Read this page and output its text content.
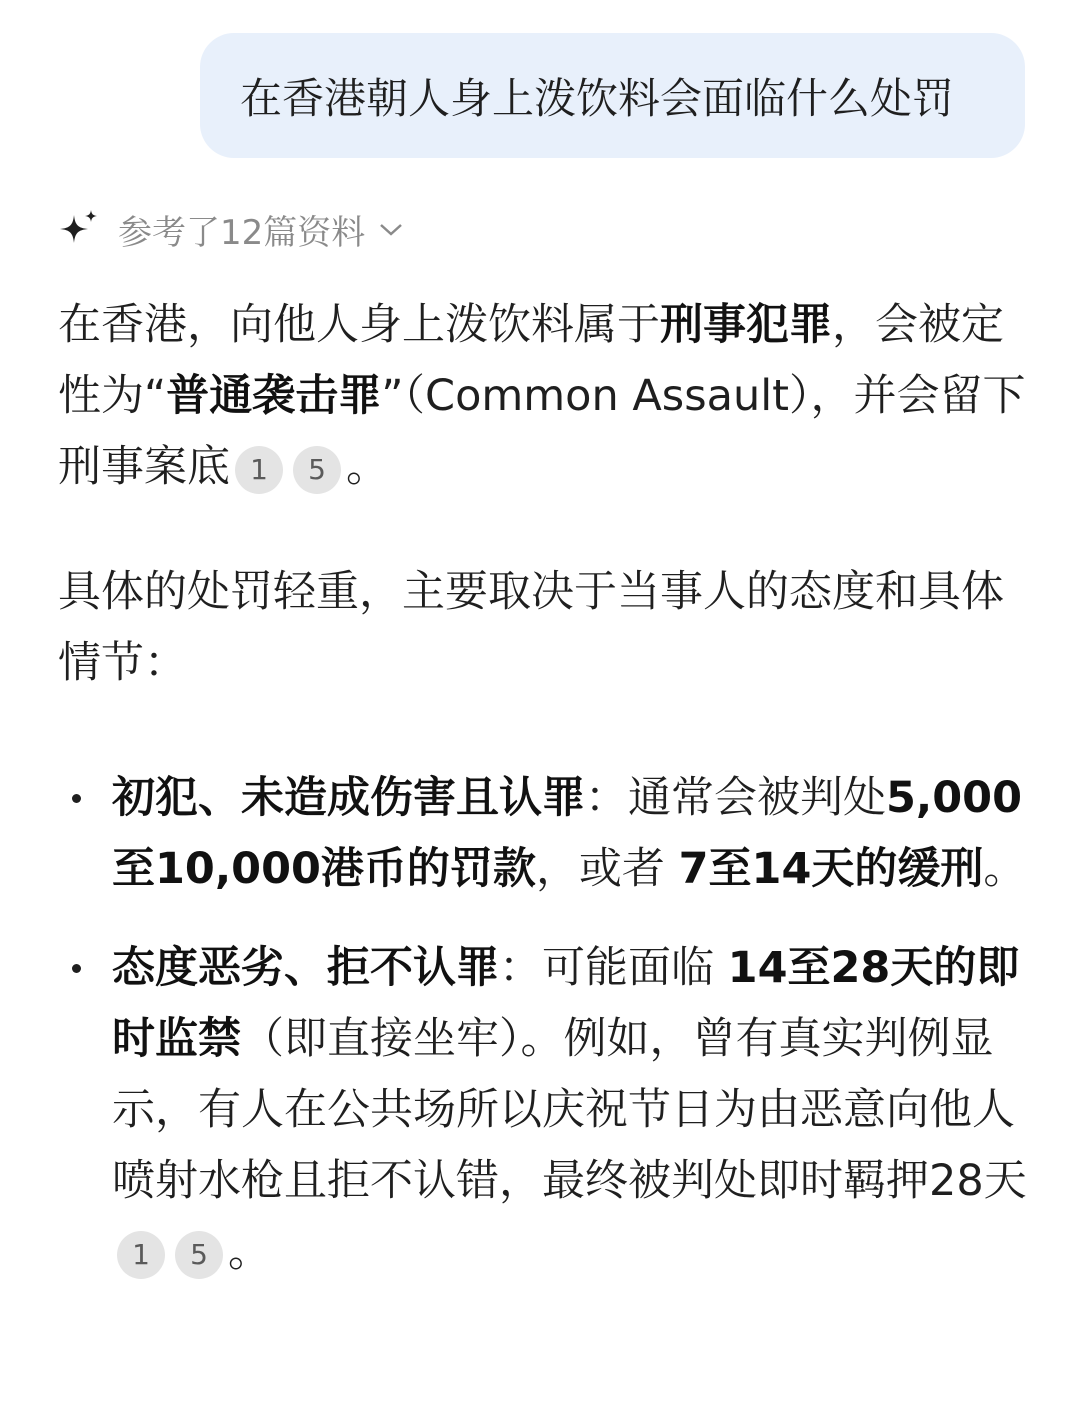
在香港朝人身上泼饮料会面临什么处罚
参考了12篇资料

在香港，向他人身上泼饮料属于刑事犯罪，会被定性为“普通袭击罪”（Common Assault），并会留下刑事案底 1 5 。

具体的处罚轻重，主要取决于当事人的态度和具体情节：

初犯、未造成伤害且认罪：通常会被判处5,000至10,000港币的罚款，或者 7至14天的缓刑。
态度恶劣、拒不认罪：可能面临 14至28天的即时监禁（即直接坐牢）。例如，曾有真实判例显示，有人在公共场所以庆祝节日为由恶意向他人喷射水枪且拒不认错，最终被判处即时羁押28天1 5 。
